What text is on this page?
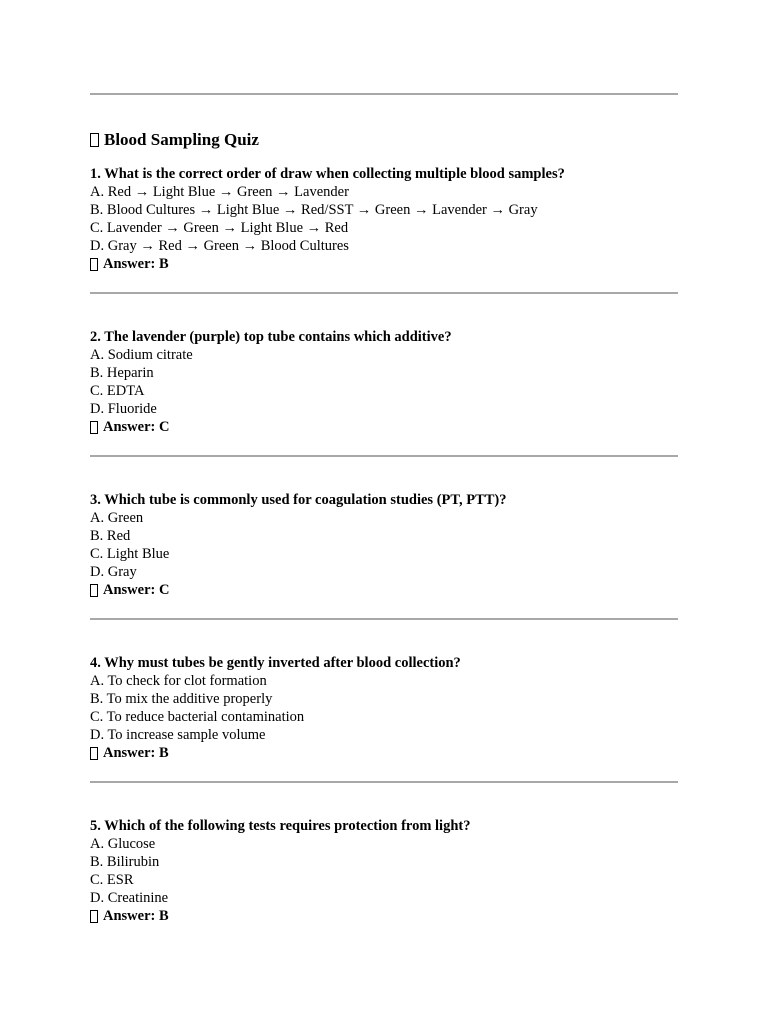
Blood Sampling Quiz
1. What is the correct order of draw when collecting multiple blood samples?
A. Red → Light Blue → Green → Lavender
B. Blood Cultures → Light Blue → Red/SST → Green → Lavender → Gray
C. Lavender → Green → Light Blue → Red
D. Gray → Red → Green → Blood Cultures
Answer: B
2. The lavender (purple) top tube contains which additive?
A. Sodium citrate
B. Heparin
C. EDTA
D. Fluoride
Answer: C
3. Which tube is commonly used for coagulation studies (PT, PTT)?
A. Green
B. Red
C. Light Blue
D. Gray
Answer: C
4. Why must tubes be gently inverted after blood collection?
A. To check for clot formation
B. To mix the additive properly
C. To reduce bacterial contamination
D. To increase sample volume
Answer: B
5. Which of the following tests requires protection from light?
A. Glucose
B. Bilirubin
C. ESR
D. Creatinine
Answer: B
